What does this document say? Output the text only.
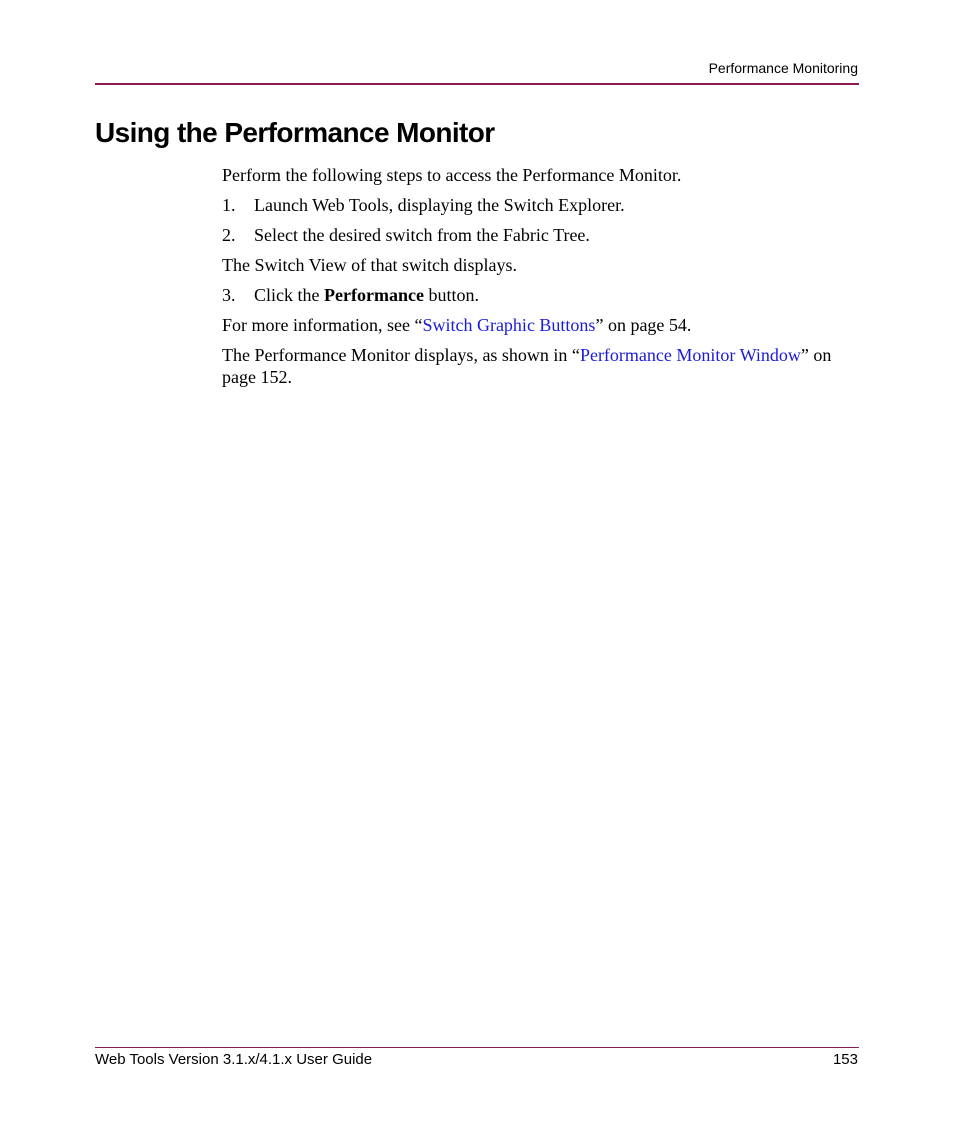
Performance Monitoring
Using the Performance Monitor

Perform the following steps to access the Performance Monitor.

1.	Launch Web Tools, displaying the Switch Explorer.
2.	Select the desired switch from the Fabric Tree.

The Switch View of that switch displays.

3.	Click the Performance button.

For more information, see “Switch Graphic Buttons” on page 54.

The Performance Monitor displays, as shown in “Performance Monitor Window” on page 152.

Web Tools Version 3.1.x/4.1.x User Guide	153
